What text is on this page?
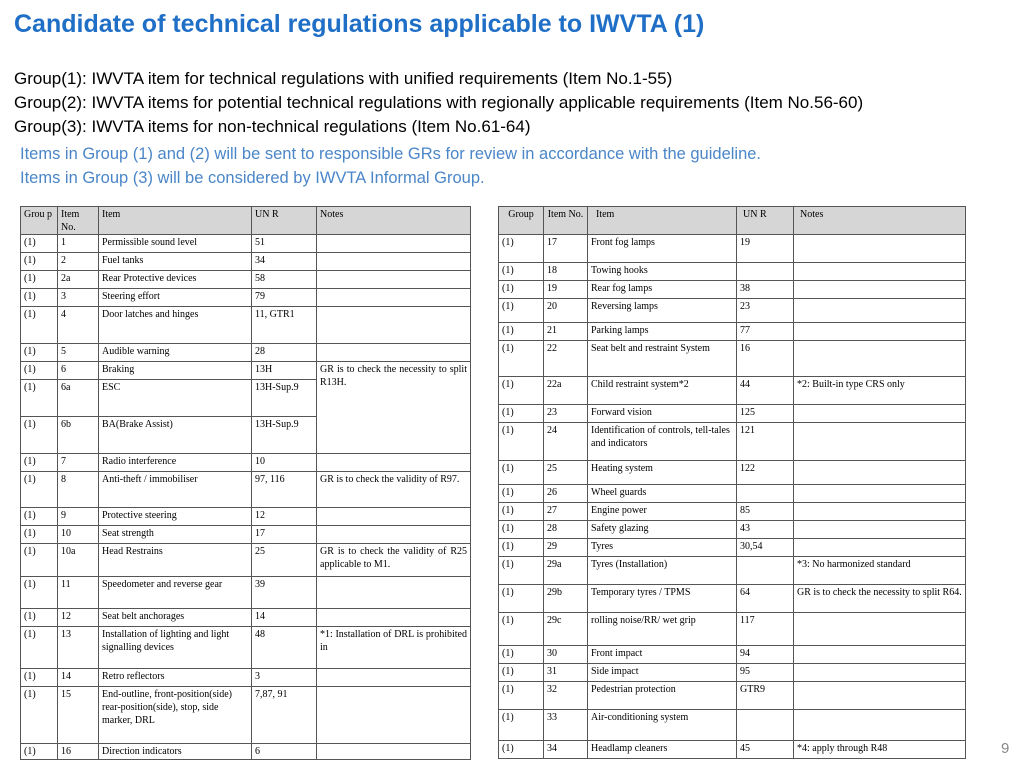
Candidate of technical regulations applicable to IWVTA (1)
Group(1): IWVTA item for technical regulations with unified requirements (Item No.1-55)
Group(2): IWVTA items for potential technical regulations with regionally applicable requirements (Item No.56-60)
Group(3): IWVTA items for non-technical regulations (Item No.61-64)
Items in Group (1) and (2) will be sent to responsible GRs for review in accordance with the guideline.
Items in Group (3) will be considered by IWVTA Informal Group.
Grou p	Item No.	Item	UN R	Notes
(1)	1	Permissible sound level	51	
(1)	2	Fuel tanks	34	
(1)	2a	Rear Protective devices	58	
(1)	3	Steering effort	79	
(1)	4	Door latches and hinges	11, GTR1	
(1)	5	Audible warning	28	
(1)	6	Braking	13H	GR is to check the necessity to split R13H.
(1)	6a	ESC	13H-Sup.9	
(1)	6b	BA(Brake Assist)	13H-Sup.9	
(1)	7	Radio interference	10	
(1)	8	Anti-theft / immobiliser	97, 116	GR is to check the validity of R97.
(1)	9	Protective steering	12	
(1)	10	Seat strength	17	
(1)	10a	Head Restrains	25	GR is to check the validity of R25 applicable to M1.
(1)	11	Speedometer and reverse gear	39	
(1)	12	Seat belt anchorages	14	
(1)	13	Installation of lighting and light signalling devices	48	*1: Installation of DRL is prohibited in
(1)	14	Retro reflectors	3	
(1)	15	End-outline, front-position(side) rear-position(side), stop, side marker, DRL	7,87, 91	
(1)	16	Direction indicators	6	
Group	Item No.	Item	UN R	Notes
(1)	17	Front fog lamps	19	
(1)	18	Towing hooks		
(1)	19	Rear fog lamps	38	
(1)	20	Reversing lamps	23	
(1)	21	Parking lamps	77	
(1)	22	Seat belt and restraint System	16	
(1)	22a	Child restraint system*2	44	*2: Built-in type CRS only
(1)	23	Forward vision	125	
(1)	24	Identification of controls, tell-tales and indicators	121	
(1)	25	Heating system	122	
(1)	26	Wheel guards		
(1)	27	Engine power	85	
(1)	28	Safety glazing	43	
(1)	29	Tyres	30,54	
(1)	29a	Tyres (Installation)		*3: No harmonized standard
(1)	29b	Temporary tyres / TPMS	64	GR is to check the necessity to split R64.
(1)	29c	rolling noise/RR/ wet grip	117	
(1)	30	Front impact	94	
(1)	31	Side impact	95	
(1)	32	Pedestrian protection	GTR9	
(1)	33	Air-conditioning system		
(1)	34	Headlamp cleaners	45	*4: apply through R48	9
